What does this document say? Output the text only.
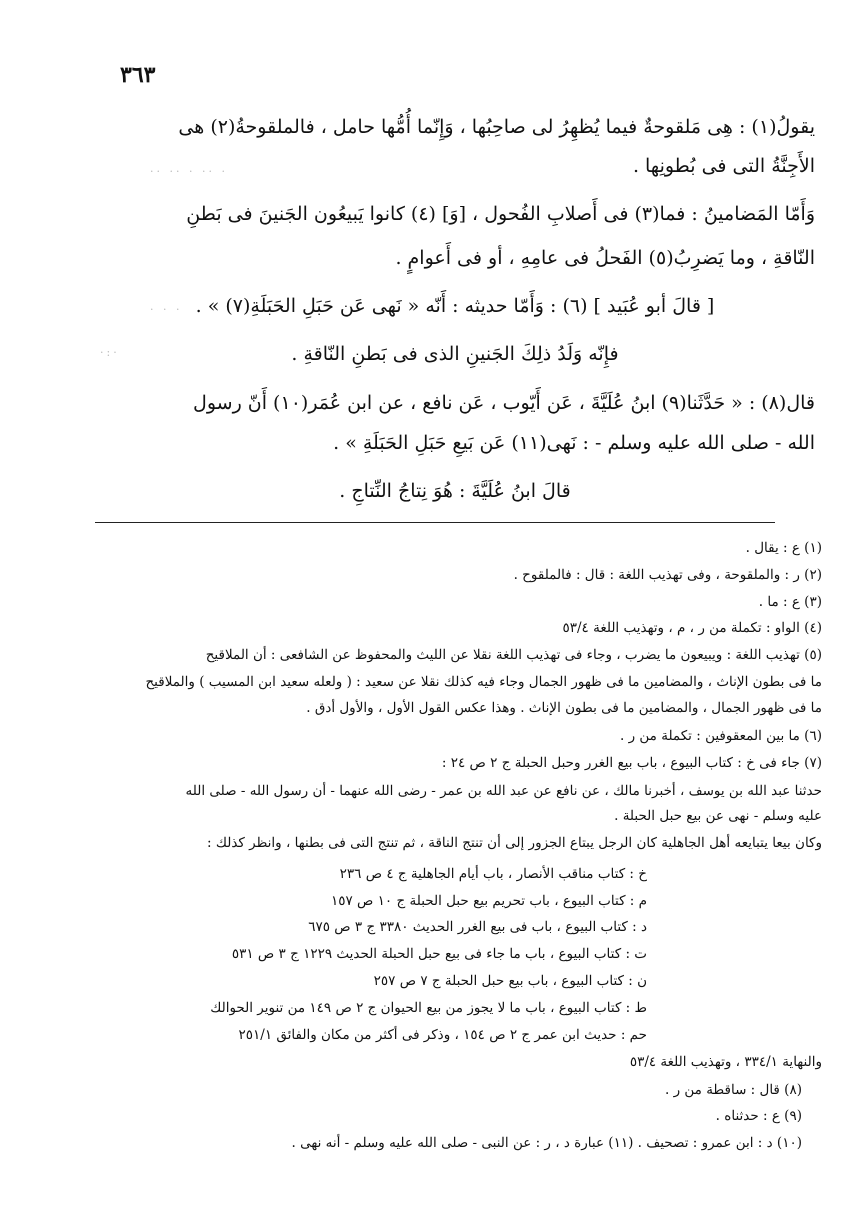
٣٦٣
يقولُ(١) : هِى مَلقوحةٌ فيما يُظهِرُ لى صاحِبُها ، وَإِنّما أُمُّها حامل ، فالملقوحةُ(٢) هى
الأَجِنَّةُ التى فى بُطونِها .
وَأَمّا المَضامينُ : فما(٣) فى أَصلابِ الفُحول ، [وَ] (٤) كانوا يَبيعُون الجَنينَ فى بَطنِ
النّاقةِ ، وما يَضرِبُ(٥) الفَحلُ فى عامِهِ ، أو فى أَعوامٍ .
[ قالَ أبو عُبَيد ] (٦) : وَأَمّا حديثه : أَنّه « نَهى عَن حَبَلِ الحَبَلَةِ(٧) » .
فإِنّه وَلَدُ ذلِكَ الجَنينِ الذى فى بَطنِ النّاقةِ .
قال(٨) : « حَدَّثَنا(٩) ابنُ عُلَيَّةَ ، عَن أَيّوب ، عَن نافع ، عن ابن عُمَر(١٠) أَنّ رسول
الله - صلى الله عليه وسلم - : نَهى(١١) عَن بَيعِ حَبَلِ الحَبَلَةِ » .
قالَ ابنُ عُلَيَّةَ : هُوَ نِتاجُ النِّتاجِ .
·· ·· · ·· ·
· · ·
·:·
(١) ع : يقال .
(٢) ر : والملقوحة ، وفى تهذيب اللغة : قال : فالملقوح .
(٣) ع : ما .
(٤) الواو : تكملة من ر ، م ، وتهذيب اللغة ٥٣/٤
(٥) تهذيب اللغة : ويبيعون ما يضرب ، وجاء فى تهذيب اللغة نقلا عن الليث والمحفوظ عن الشافعى : أن الملاقيح
ما فى بطون الإناث ، والمضامين ما فى ظهور الجمال وجاء فيه كذلك نقلا عن سعيد : ( ولعله سعيد ابن المسيب ) والملاقيح
ما فى ظهور الجمال ، والمضامين ما فى بطون الإناث . وهذا عكس القول الأول ، والأول أدق .
(٦) ما بين المعقوفين : تكملة من ر .
(٧) جاء فى خ : كتاب البيوع ، باب بيع الغرر وحبل الحبلة ج ٢ ص ٢٤ :
حدثنا عبد الله بن يوسف ، أخبرنا مالك ، عن نافع عن عبد الله بن عمر - رضى الله عنهما - أن رسول الله - صلى الله
عليه وسلم - نهى عن بيع حبل الحبلة .
وكان بيعا يتبايعه أهل الجاهلية كان الرجل يبتاع الجزور إلى أن تنتج الناقة ، ثم تنتج التى فى بطنها ، وانظر كذلك :
خ : كتاب مناقب الأنصار ، باب أيام الجاهلية ج ٤ ص ٢٣٦
م : كتاب البيوع ، باب تحريم بيع حبل الحبلة ج ١٠ ص ١٥٧
د : كتاب البيوع ، باب فى بيع الغرر الحديث ٣٣٨٠ ج ٣ ص ٦٧٥
ت : كتاب البيوع ، باب ما جاء فى بيع حبل الحبلة الحديث ١٢٢٩ ج ٣ ص ٥٣١
ن : كتاب البيوع ، باب بيع حبل الحبلة ج ٧ ص ٢٥٧
ط : كتاب البيوع ، باب ما لا يجوز من بيع الحيوان ج ٢ ص ١٤٩ من تنوير الحوالك
حم : حديث ابن عمر ج ٢ ص ١٥٤ ، وذكر فى أكثر من مكان والفائق ٢٥١/١
والنهاية ٣٣٤/١ ، وتهذيب اللغة ٥٣/٤
(٨) قال : ساقطة من ر .
(٩) ع : حدثناه .
(١٠) د : ابن عمرو : تصحيف . (١١) عبارة د ، ر : عن النبى - صلى الله عليه وسلم - أنه نهى .
